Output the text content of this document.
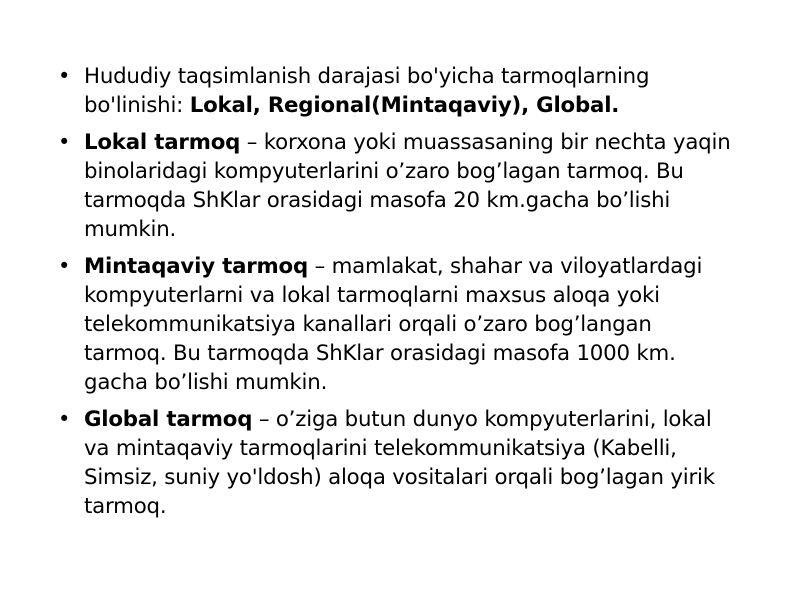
• Hududiy taqsimlanish darajasi bo'yicha tarmoqlarning bo'linishi: Lokal, Regional(Mintaqaviy), Global.
• Lokal tarmoq – korxona yoki muassasaning bir nechta yaqin binolaridagi kompyuterlarini o’zaro bog’lagan tarmoq. Bu tarmoqda ShKlar orasidagi masofa 20 km.gacha bo’lishi mumkin.
• Mintaqaviy tarmoq – mamlakat, shahar va viloyatlardagi kompyuterlarni va lokal tarmoqlarni maxsus aloqa yoki telekommunikatsiya kanallari orqali o’zaro bog’langan tarmoq. Bu tarmoqda ShKlar orasidagi masofa 1000 km. gacha bo’lishi mumkin.
• Global tarmoq – o’ziga butun dunyo kompyuterlarini, lokal va mintaqaviy tarmoqlarini telekommunikatsiya (Kabelli, Simsiz, suniy yo'ldosh) aloqa vositalari orqali bog’lagan yirik tarmoq.
